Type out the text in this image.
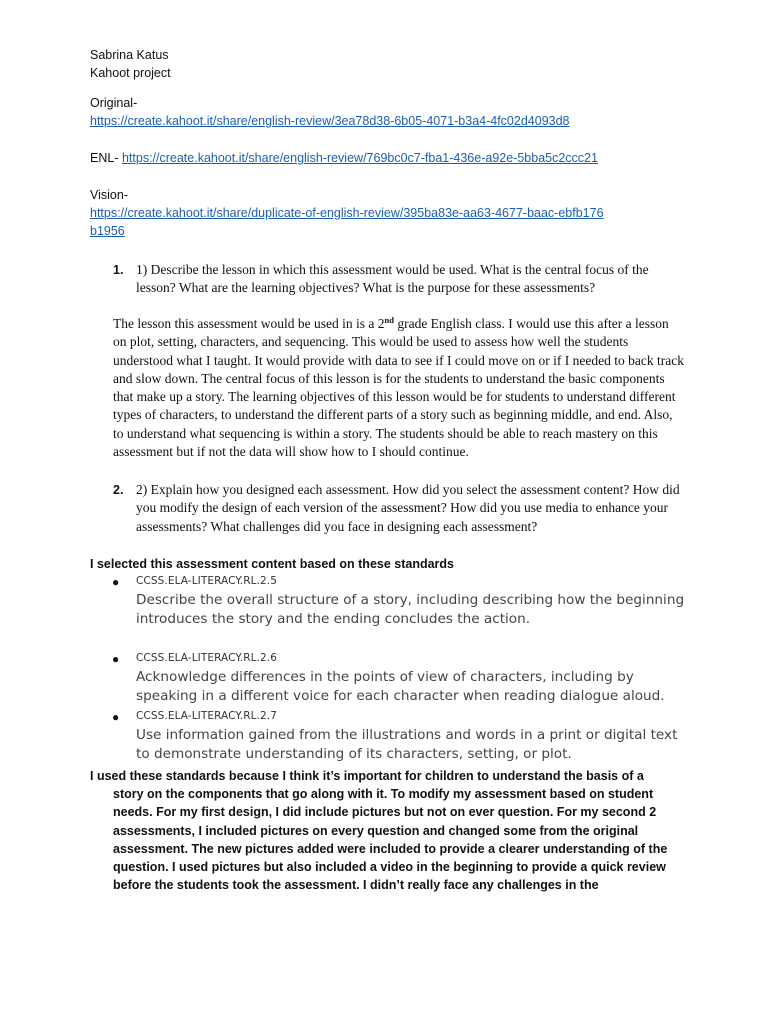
Sabrina Katus
Kahoot project
Original-
https://create.kahoot.it/share/english-review/3ea78d38-6b05-4071-b3a4-4fc02d4093d8
ENL- https://create.kahoot.it/share/english-review/769bc0c7-fba1-436e-a92e-5bba5c2ccc21
Vision-
https://create.kahoot.it/share/duplicate-of-english-review/395ba83e-aa63-4677-baac-ebfb176
b1956
1. 1) Describe the lesson in which this assessment would be used. What is the central focus of the lesson? What are the learning objectives? What is the purpose for these assessments?
The lesson this assessment would be used in is a 2nd grade English class. I would use this after a lesson on plot, setting, characters, and sequencing. This would be used to assess how well the students understood what I taught. It would provide with data to see if I could move on or if I needed to back track and slow down. The central focus of this lesson is for the students to understand the basic components that make up a story. The learning objectives of this lesson would be for students to understand different types of characters, to understand the different parts of a story such as beginning middle, and end. Also, to understand what sequencing is within a story. The students should be able to reach mastery on this assessment but if not the data will show how to I should continue.
2. 2) Explain how you designed each assessment. How did you select the assessment content? How did you modify the design of each version of the assessment? How did you use media to enhance your assessments? What challenges did you face in designing each assessment?
I selected this assessment content based on these standards
● CCSS.ELA-LITERACY.RL.2.5
Describe the overall structure of a story, including describing how the beginning introduces the story and the ending concludes the action.
● CCSS.ELA-LITERACY.RL.2.6
Acknowledge differences in the points of view of characters, including by speaking in a different voice for each character when reading dialogue aloud.
● CCSS.ELA-LITERACY.RL.2.7
Use information gained from the illustrations and words in a print or digital text to demonstrate understanding of its characters, setting, or plot.
I used these standards because I think it’s important for children to understand the basis of a story on the components that go along with it. To modify my assessment based on student needs. For my first design, I did include pictures but not on ever question. For my second 2 assessments, I included pictures on every question and changed some from the original assessment. The new pictures added were included to provide a clearer understanding of the question. I used pictures but also included a video in the beginning to provide a quick review before the students took the assessment. I didn’t really face any challenges in the
